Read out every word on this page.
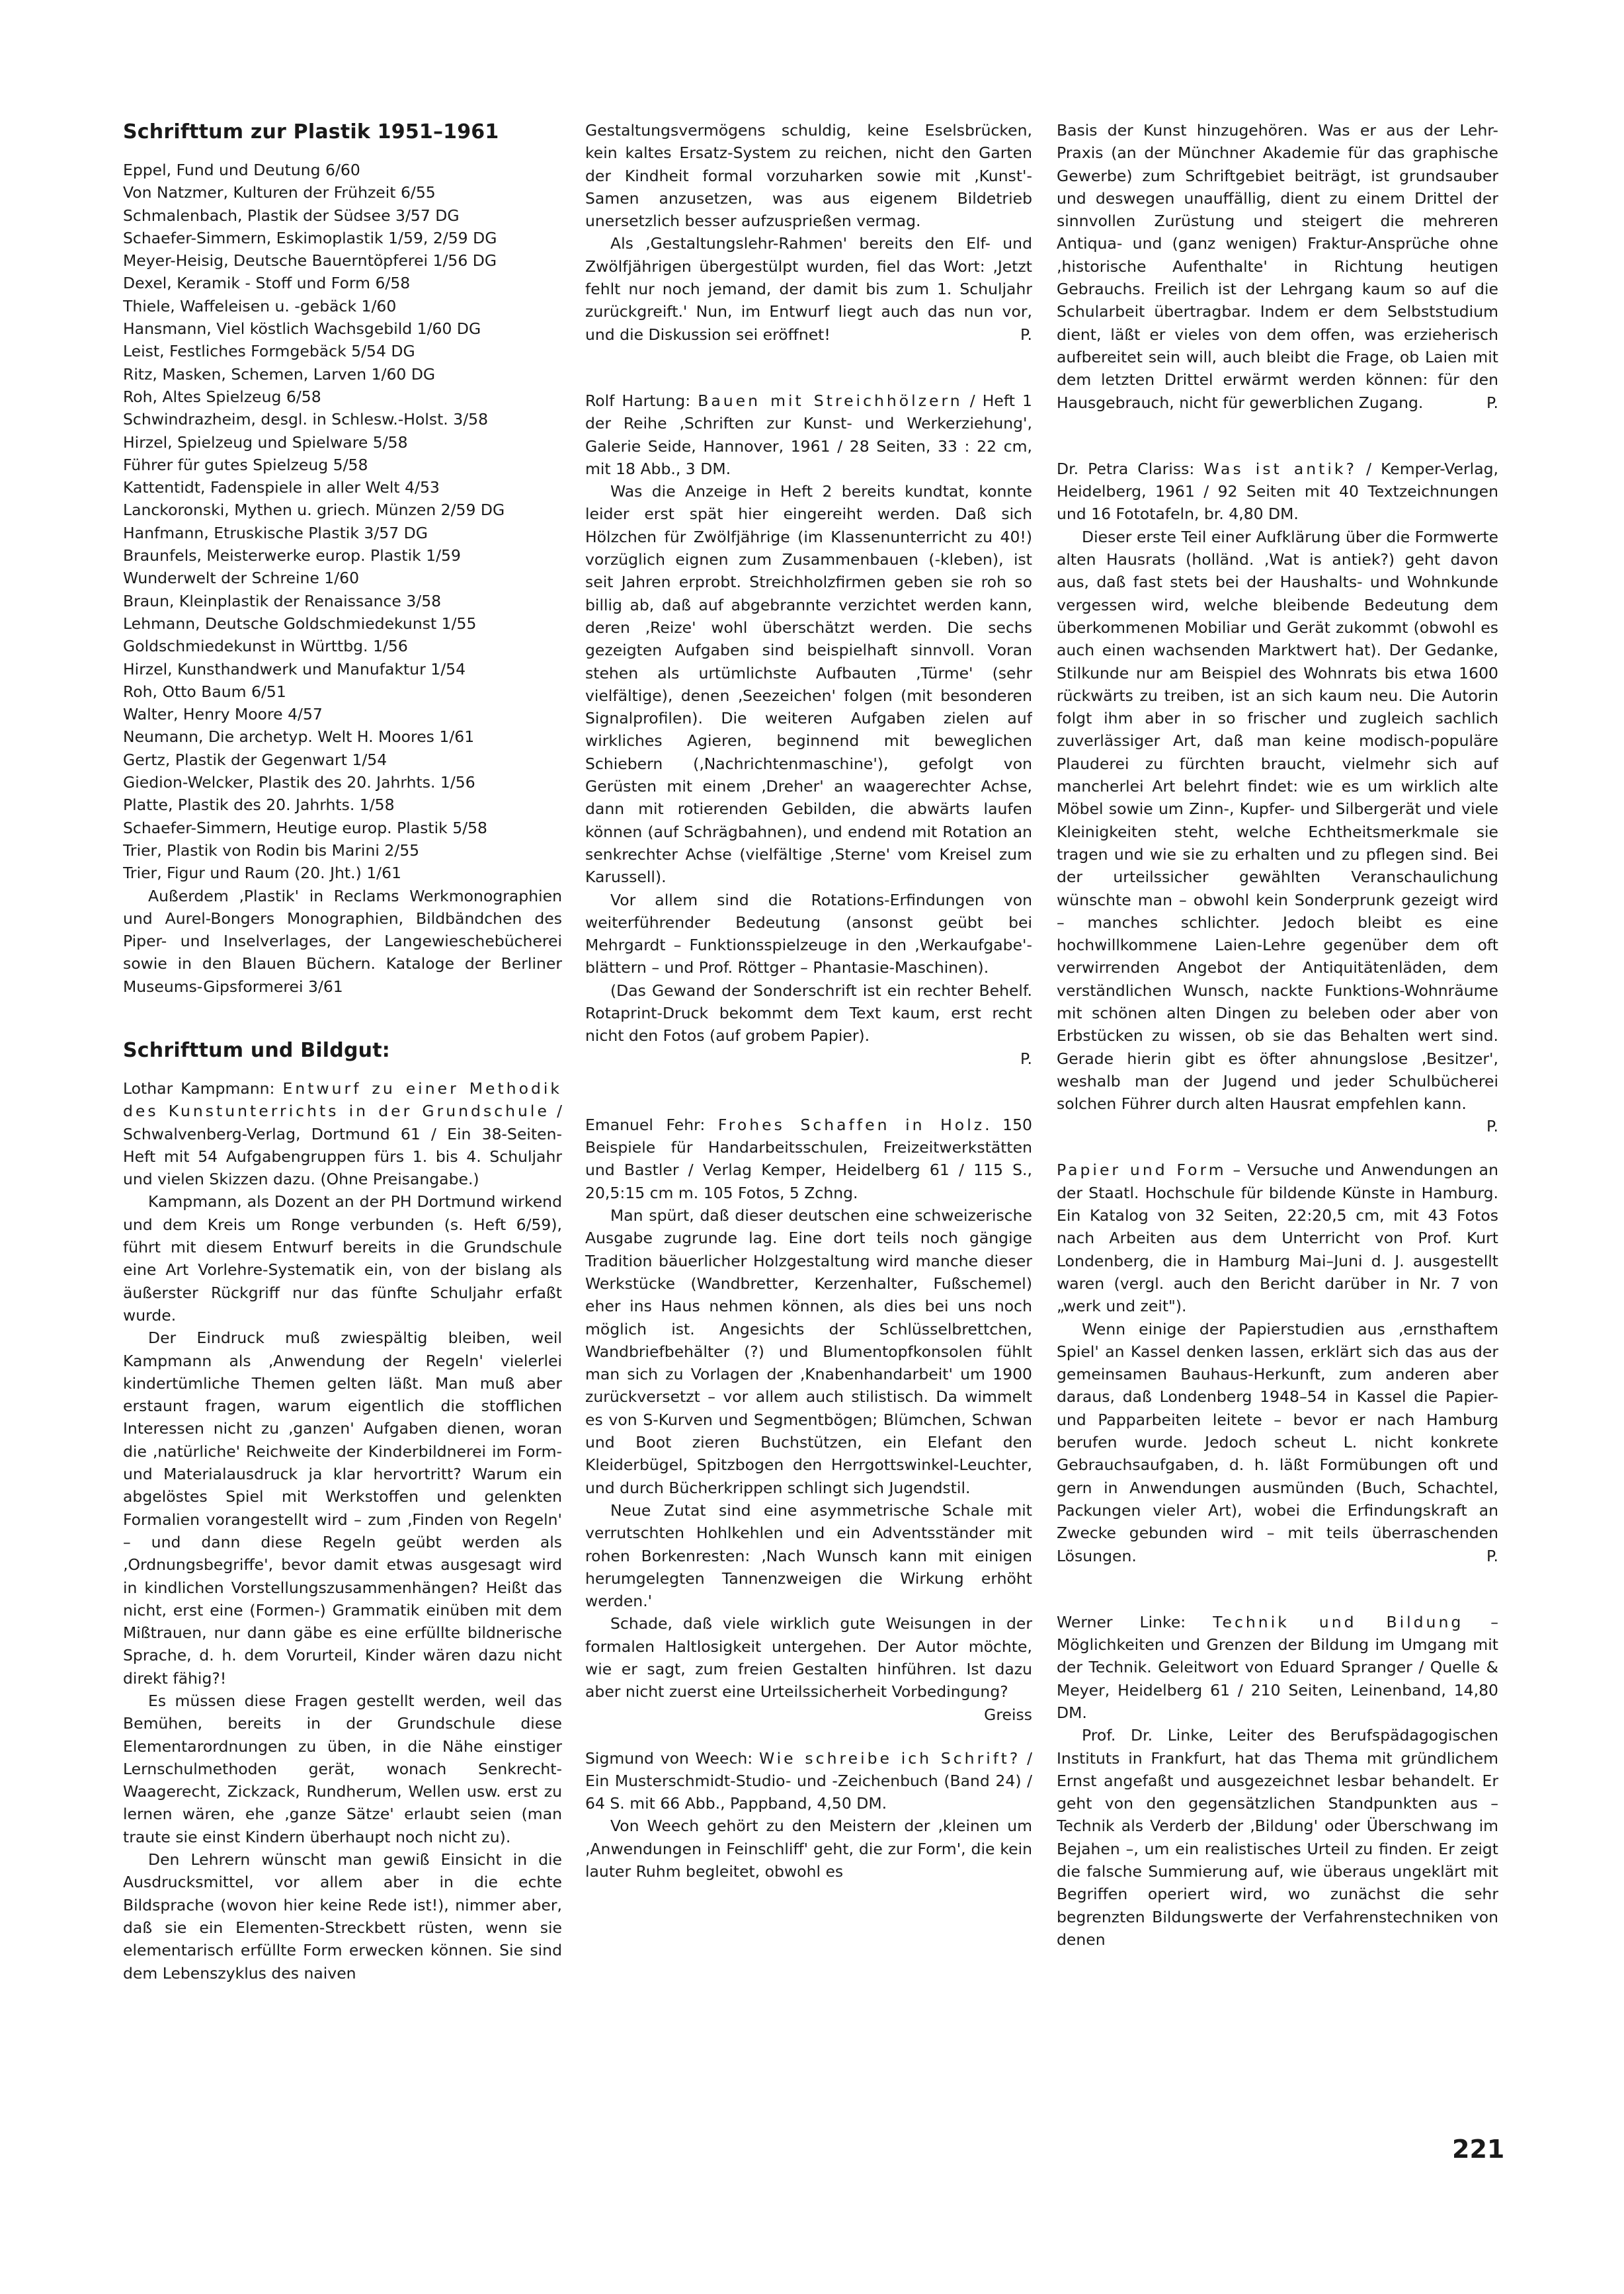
Schrifttum zur Plastik 1951–1961
Eppel, Fund und Deutung 6/60
Von Natzmer, Kulturen der Frühzeit 6/55
Schmalenbach, Plastik der Südsee 3/57 DG
Schaefer-Simmern, Eskimoplastik 1/59, 2/59 DG
Meyer-Heisig, Deutsche Bauerntöpferei 1/56 DG
Dexel, Keramik - Stoff und Form 6/58
Thiele, Waffeleisen u. -gebäck 1/60
Hansmann, Viel köstlich Wachsgebild 1/60 DG
Leist, Festliches Formgebäck 5/54 DG
Ritz, Masken, Schemen, Larven 1/60 DG
Roh, Altes Spielzeug 6/58
Schwindrazheim, desgl. in Schlesw.-Holst. 3/58
Hirzel, Spielzeug und Spielware 5/58
Führer für gutes Spielzeug 5/58
Kattentidt, Fadenspiele in aller Welt 4/53
Lanckoronski, Mythen u. griech. Münzen 2/59 DG
Hanfmann, Etruskische Plastik 3/57 DG
Braunfels, Meisterwerke europ. Plastik 1/59
Wunderwelt der Schreine 1/60
Braun, Kleinplastik der Renaissance 3/58
Lehmann, Deutsche Goldschmiedekunst 1/55
Goldschmiedekunst in Württbg. 1/56
Hirzel, Kunsthandwerk und Manufaktur 1/54
Roh, Otto Baum 6/51
Walter, Henry Moore 4/57
Neumann, Die archetyp. Welt H. Moores 1/61
Gertz, Plastik der Gegenwart 1/54
Giedion-Welcker, Plastik des 20. Jahrhts. 1/56
Platte, Plastik des 20. Jahrhts. 1/58
Schaefer-Simmern, Heutige europ. Plastik 5/58
Trier, Plastik von Rodin bis Marini 2/55
Trier, Figur und Raum (20. Jht.) 1/61

Außerdem ‚Plastik' in Reclams Werkmonographien und Aurel-Bongers Monographien, Bildbändchen des Piper- und Inselverlages, der Langewieschebücherei sowie in den Blauen Büchern. Kataloge der Berliner Museums-Gipsformerei 3/61

Schrifttum und Bildgut:

Lothar Kampmann: Entwurf zu einer Methodik des Kunstunterrichts in der Grundschule / Schwalvenberg-Verlag, Dortmund 61 / Ein 38-Seiten-Heft mit 54 Aufgabengruppen fürs 1. bis 4. Schuljahr und vielen Skizzen dazu. (Ohne Preisangabe.)

Kampmann, als Dozent an der PH Dortmund wirkend und dem Kreis um Ronge verbunden (s. Heft 6/59), führt mit diesem Entwurf bereits in die Grundschule eine Art Vorlehre-Systematik ein, von der bislang als äußerster Rückgriff nur das fünfte Schuljahr erfaßt wurde.

Der Eindruck muß zwiespältig bleiben, weil Kampmann als ‚Anwendung der Regeln' vielerlei kindertümliche Themen gelten läßt. Man muß aber erstaunt fragen, warum eigentlich die stofflichen Interessen nicht zu ‚ganzen' Aufgaben dienen, woran die ‚natürliche' Reichweite der Kinderbildnerei im Form- und Materialausdruck ja klar hervortritt? Warum ein abgelöstes Spiel mit Werkstoffen und gelenkten Formalien vorangestellt wird – zum ‚Finden von Regeln' – und dann diese Regeln geübt werden als ‚Ordnungsbegriffe', bevor damit etwas ausgesagt wird in kindlichen Vorstellungszusammenhängen? Heißt das nicht, erst eine (Formen-) Grammatik einüben mit dem Mißtrauen, nur dann gäbe es eine erfüllte bildnerische Sprache, d. h. dem Vorurteil, Kinder wären dazu nicht direkt fähig?!

Es müssen diese Fragen gestellt werden, weil das Bemühen, bereits in der Grundschule diese Elementarordnungen zu üben, in die Nähe einstiger Lernschulmethoden gerät, wonach Senkrecht-Waagerecht, Zickzack, Rundherum, Wellen usw. erst zu lernen wären, ehe ‚ganze Sätze' erlaubt seien (man traute sie einst Kindern überhaupt noch nicht zu).

Den Lehrern wünscht man gewiß Einsicht in die Ausdrucksmittel, vor allem aber in die echte Bildsprache (wovon hier keine Rede ist!), nimmer aber, daß sie ein Elementen-Streckbett rüsten, wenn sie elementarisch erfüllte Form erwecken können. Sie sind dem Lebenszyklus des naiven

Gestaltungsvermögens schuldig, keine Eselsbrücken, kein kaltes Ersatz-System zu reichen, nicht den Garten der Kindheit formal vorzuharken sowie mit ‚Kunst'-Samen anzusetzen, was aus eigenem Bildetrieb unersetzlich besser aufzusprießen vermag.

Als ‚Gestaltungslehr-Rahmen' bereits den Elf- und Zwölfjährigen übergestülpt wurden, fiel das Wort: ‚Jetzt fehlt nur noch jemand, der damit bis zum 1. Schuljahr zurückgreift.' Nun, im Entwurf liegt auch das nun vor, und die Diskussion sei eröffnet!	P.

Rolf Hartung: Bauen mit Streichhölzern / Heft 1 der Reihe ‚Schriften zur Kunst- und Werkerziehung', Galerie Seide, Hannover, 1961 / 28 Seiten, 33 : 22 cm, mit 18 Abb., 3 DM.

Was die Anzeige in Heft 2 bereits kundtat, konnte leider erst spät hier eingereiht werden. Daß sich Hölzchen für Zwölfjährige (im Klassenunterricht zu 40!) vorzüglich eignen zum Zusammenbauen (-kleben), ist seit Jahren erprobt. Streichholzfirmen geben sie roh so billig ab, daß auf abgebrannte verzichtet werden kann, deren ‚Reize' wohl überschätzt werden. Die sechs gezeigten Aufgaben sind beispielhaft sinnvoll. Voran stehen als urtümlichste Aufbauten ‚Türme' (sehr vielfältige), denen ‚Seezeichen' folgen (mit besonderen Signalprofilen). Die weiteren Aufgaben zielen auf wirkliches Agieren, beginnend mit beweglichen Schiebern (‚Nachrichtenmaschine'), gefolgt von Gerüsten mit einem ‚Dreher' an waagerechter Achse, dann mit rotierenden Gebilden, die abwärts laufen können (auf Schrägbahnen), und endend mit Rotation an senkrechter Achse (vielfältige ‚Sterne' vom Kreisel zum Karussell).

Vor allem sind die Rotations-Erfindungen von weiterführender Bedeutung (ansonst geübt bei Mehrgardt – Funktionsspielzeuge in den ‚Werkaufgabe'-blättern – und Prof. Röttger – Phantasie-Maschinen).

(Das Gewand der Sonderschrift ist ein rechter Behelf. Rotaprint-Druck bekommt dem Text kaum, erst recht nicht den Fotos (auf grobem Papier).

P.

Emanuel Fehr: Frohes Schaffen in Holz. 150 Beispiele für Handarbeitsschulen, Freizeitwerkstätten und Bastler / Verlag Kemper, Heidelberg 61 / 115 S., 20,5:15 cm m. 105 Fotos, 5 Zchng.

Man spürt, daß dieser deutschen eine schweizerische Ausgabe zugrunde lag. Eine dort teils noch gängige Tradition bäuerlicher Holzgestaltung wird manche dieser Werkstücke (Wandbretter, Kerzenhalter, Fußschemel) eher ins Haus nehmen können, als dies bei uns noch möglich ist. Angesichts der Schlüsselbrettchen, Wandbriefbehälter (?) und Blumentopfkonsolen fühlt man sich zu Vorlagen der ‚Knabenhandarbeit' um 1900 zurückversetzt – vor allem auch stilistisch. Da wimmelt es von S-Kurven und Segmentbögen; Blümchen, Schwan und Boot zieren Buchstützen, ein Elefant den Kleiderbügel, Spitzbogen den Herrgottswinkel-Leuchter, und durch Bücherkrippen schlingt sich Jugendstil.

Neue Zutat sind eine asymmetrische Schale mit verrutschten Hohlkehlen und ein Adventsständer mit rohen Borkenresten: ‚Nach Wunsch kann mit einigen herumgelegten Tannenzweigen die Wirkung erhöht werden.'

Schade, daß viele wirklich gute Weisungen in der formalen Haltlosigkeit untergehen. Der Autor möchte, wie er sagt, zum freien Gestalten hinführen. Ist dazu aber nicht zuerst eine Urteilssicherheit Vorbedingung?
Greiss

Sigmund von Weech: Wie schreibe ich Schrift? / Ein Musterschmidt-Studio- und -Zeichenbuch (Band 24) / 64 S. mit 66 Abb., Pappband, 4,50 DM.

Von Weech gehört zu den Meistern der ‚kleinen um ‚Anwendungen in Feinschliff' geht, die zur Form', die kein lauter Ruhm begleitet, obwohl es

Basis der Kunst hinzugehören. Was er aus der Lehr-Praxis (an der Münchner Akademie für das graphische Gewerbe) zum Schriftgebiet beiträgt, ist grundsauber und deswegen unauffällig, dient zu einem Drittel der sinnvollen Zurüstung und steigert die mehreren Antiqua- und (ganz wenigen) Fraktur-Ansprüche ohne ‚historische Aufenthalte' in Richtung heutigen Gebrauchs. Freilich ist der Lehrgang kaum so auf die Schularbeit übertragbar. Indem er dem Selbststudium dient, läßt er vieles von dem offen, was erzieherisch aufbereitet sein will, auch bleibt die Frage, ob Laien mit dem letzten Drittel erwärmt werden können: für den Hausgebrauch, nicht für gewerblichen Zugang.	P.

Dr. Petra Clariss: Was ist antik? / Kemper-Verlag, Heidelberg, 1961 / 92 Seiten mit 40 Textzeichnungen und 16 Fototafeln, br. 4,80 DM.

Dieser erste Teil einer Aufklärung über die Formwerte alten Hausrats (holländ. ‚Wat is antiek?) geht davon aus, daß fast stets bei der Haushalts- und Wohnkunde vergessen wird, welche bleibende Bedeutung dem überkommenen Mobiliar und Gerät zukommt (obwohl es auch einen wachsenden Marktwert hat). Der Gedanke, Stilkunde nur am Beispiel des Wohnrats bis etwa 1600 rückwärts zu treiben, ist an sich kaum neu. Die Autorin folgt ihm aber in so frischer und zugleich sachlich zuverlässiger Art, daß man keine modisch-populäre Plauderei zu fürchten braucht, vielmehr sich auf mancherlei Art belehrt findet: wie es um wirklich alte Möbel sowie um Zinn-, Kupfer- und Silbergerät und viele Kleinigkeiten steht, welche Echtheitsmerkmale sie tragen und wie sie zu erhalten und zu pflegen sind. Bei der urteilssicher gewählten Veranschaulichung wünschte man – obwohl kein Sonderprunk gezeigt wird – manches schlichter. Jedoch bleibt es eine hochwillkommene Laien-Lehre gegenüber dem oft verwirrenden Angebot der Antiquitätenläden, dem verständlichen Wunsch, nackte Funktions-Wohnräume mit schönen alten Dingen zu beleben oder aber von Erbstücken zu wissen, ob sie das Behalten wert sind. Gerade hierin gibt es öfter ahnungslose ‚Besitzer', weshalb man der Jugend und jeder Schulbücherei solchen Führer durch alten Hausrat empfehlen kann.
P.

Papier und Form – Versuche und Anwendungen an der Staatl. Hochschule für bildende Künste in Hamburg. Ein Katalog von 32 Seiten, 22:20,5 cm, mit 43 Fotos nach Arbeiten aus dem Unterricht von Prof. Kurt Londenberg, die in Hamburg Mai–Juni d. J. ausgestellt waren (vergl. auch den Bericht darüber in Nr. 7 von „werk und zeit").

Wenn einige der Papierstudien aus ‚ernsthaftem Spiel' an Kassel denken lassen, erklärt sich das aus der gemeinsamen Bauhaus-Herkunft, zum anderen aber daraus, daß Londenberg 1948–54 in Kassel die Papier- und Papparbeiten leitete – bevor er nach Hamburg berufen wurde. Jedoch scheut L. nicht konkrete Gebrauchsaufgaben, d. h. läßt Formübungen oft und gern in Anwendungen ausmünden (Buch, Schachtel, Packungen vieler Art), wobei die Erfindungskraft an Zwecke gebunden wird – mit teils überraschenden Lösungen.	P.

Werner Linke: Technik und Bildung – Möglichkeiten und Grenzen der Bildung im Umgang mit der Technik. Geleitwort von Eduard Spranger / Quelle & Meyer, Heidelberg 61 / 210 Seiten, Leinenband, 14,80 DM.

Prof. Dr. Linke, Leiter des Berufspädagogischen Instituts in Frankfurt, hat das Thema mit gründlichem Ernst angefaßt und ausgezeichnet lesbar behandelt. Er geht von den gegensätzlichen Standpunkten aus – Technik als Verderb der ‚Bildung' oder Überschwang im Bejahen –, um ein realistisches Urteil zu finden. Er zeigt die falsche Summierung auf, wie überaus ungeklärt mit Begriffen operiert wird, wo zunächst die sehr begrenzten Bildungswerte der Verfahrenstechniken von denen

221
